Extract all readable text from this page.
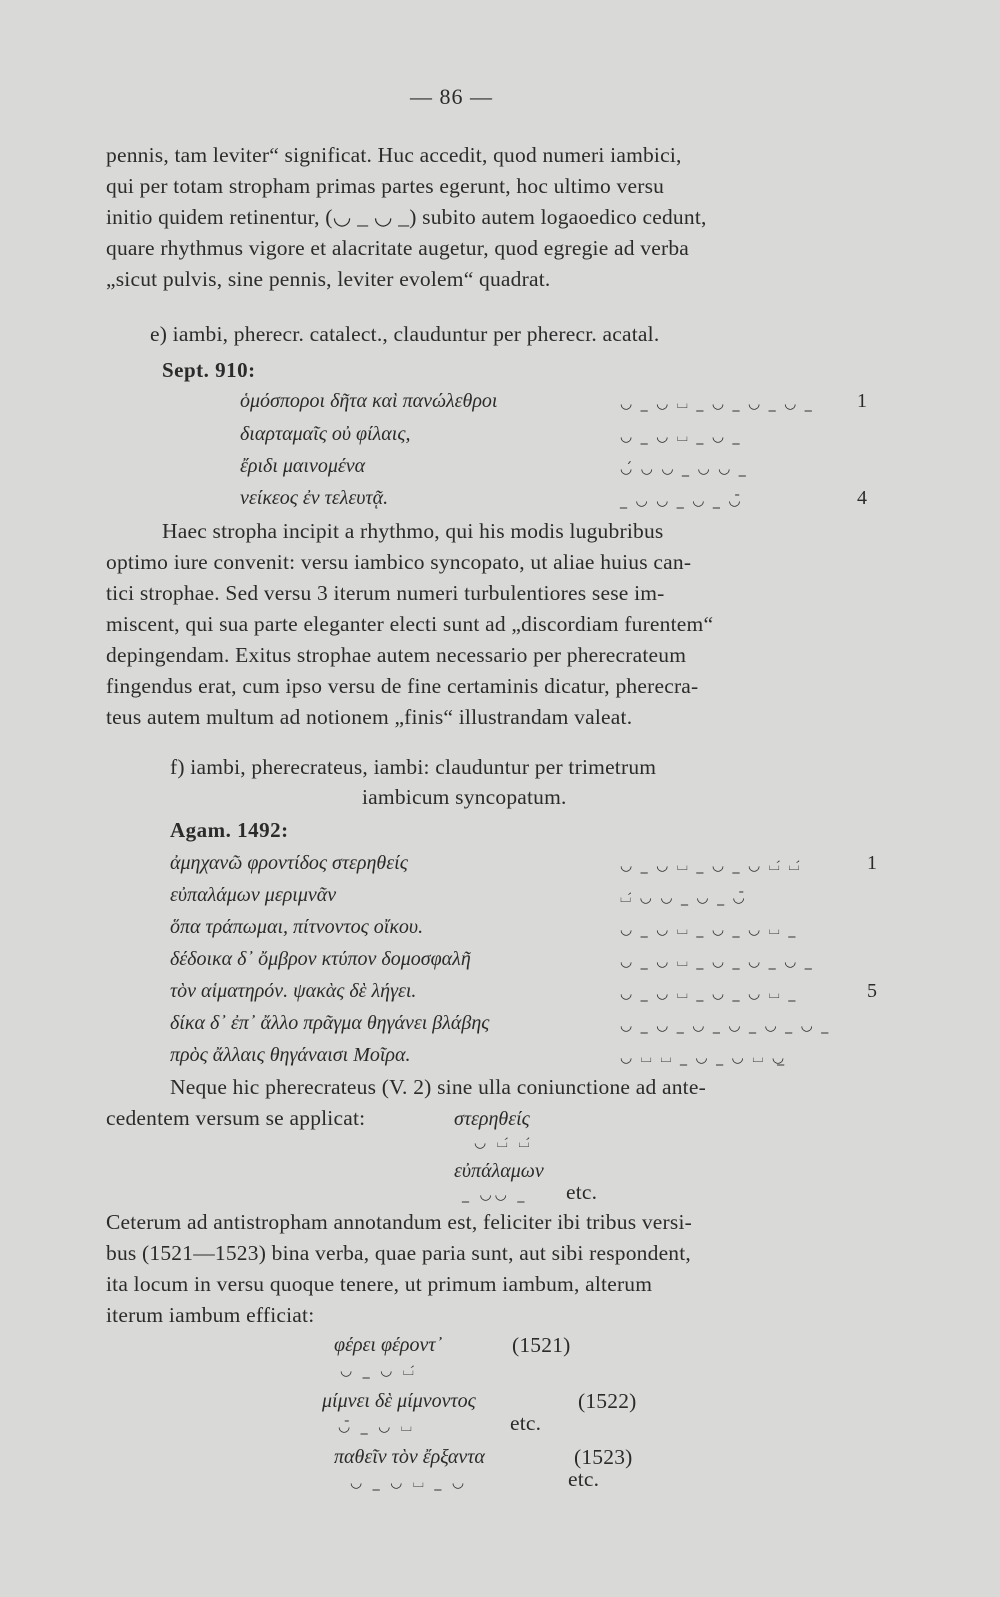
— 86 —
pennis, tam leviter“ significat. Huc accedit, quod numeri iambici,
qui per totam stropham primas partes egerunt, hoc ultimo versu
initio quidem retinentur, (◡ _ ◡ _) subito autem logaoedico cedunt,
quare rhythmus vigore et alacritate augetur, quod egregie ad verba
„sicut pulvis, sine pennis, leviter evolem“ quadrat.
e) iambi, pherecr. catalect., clauduntur per pherecr. acatal.
Sept. 910:
ὁμόσποροι δῆτα καὶ πανώλεθροι	◡ _ ◡ ⌴ _ ◡ _ ◡ _ ◡ _ 1
διαρταμαῖς οὐ φίλαις,	◡ _ ◡ ⌴ _ ◡ _
ἔριδι μαινομένα	◡́ ◡ ◡ _ ◡ ◡ _
νείκεος ἐν τελευτᾷ.	_ ◡ ◡ _ ◡ _ ◡̄	4
Haec stropha incipit a rhythmo, qui his modis lugubribus
optimo iure convenit: versu iambico syncopato, ut aliae huius can-
tici strophae. Sed versu 3 iterum numeri turbulentiores sese im-
miscent, qui sua parte eleganter electi sunt ad „discordiam furentem“
depingendam. Exitus strophae autem necessario per pherecrateum
fingendus erat, cum ipso versu de fine certaminis dicatur, pherecra-
teus autem multum ad notionem „finis“ illustrandam valeat.
f) iambi, pherecrateus, iambi: clauduntur per trimetrum
iambicum syncopatum.
Agam. 1492:
ἀμηχανῶ φροντίδος στερηθείς	◡ _ ◡ ⌴ _ ◡ _ ◡ ⌴́ ⌴́	1
εὐπαλάμων μεριμνᾶν	⌴́ ◡ ◡ _ ◡ _ ◡̄
ὅπα τράπωμαι, πίτνοντος οἴκου.	◡ _ ◡ ⌴ _ ◡ _ ◡ ⌴ _
δέδοικα δ᾽ ὄμβρον κτύπον δομοσφαλῆ	◡ _ ◡ ⌴ _ ◡ _ ◡ _ ◡ _
τὸν αἱματηρόν. ψακὰς δὲ λήγει.	◡ _ ◡ ⌴ _ ◡ _ ◡ ⌴ _	5
δίκα δ᾽ ἐπ᾽ ἄλλο πρᾶγμα θηγάνει βλάβης	◡ _ ◡ _ ◡ _ ◡ _ ◡ _ ◡ _
πρὸς ἄλλαις θηγάναισι Μοῖρα.	◡ ⌴ ⌴ _ ◡ _ ◡ ⌴ ◡̲
Neque hic pherecrateus (V. 2) sine ulla coniunctione ad ante-
cedentem versum se applicat:	στερηθείς
◡ ⌴́ ⌴́
εὐπάλαμων
_ ◡◡ _ etc.
Ceterum ad antistropham annotandum est, feliciter ibi tribus versi-
bus (1521—1523) bina verba, quae paria sunt, aut sibi respondent,
ita locum in versu quoque tenere, ut primum iambum, alterum
iterum iambum efficiat:
φέρει φέροντ᾽	(1521)
◡ _ ◡ ⌴́
μίμνει δὲ μίμνοντος	(1522)
◡̄ _ ◡ ⌴	etc.
παθεῖν τὸν ἔρξαντα	(1523)
◡ _ ◡ ⌴ _ ◡	etc.
